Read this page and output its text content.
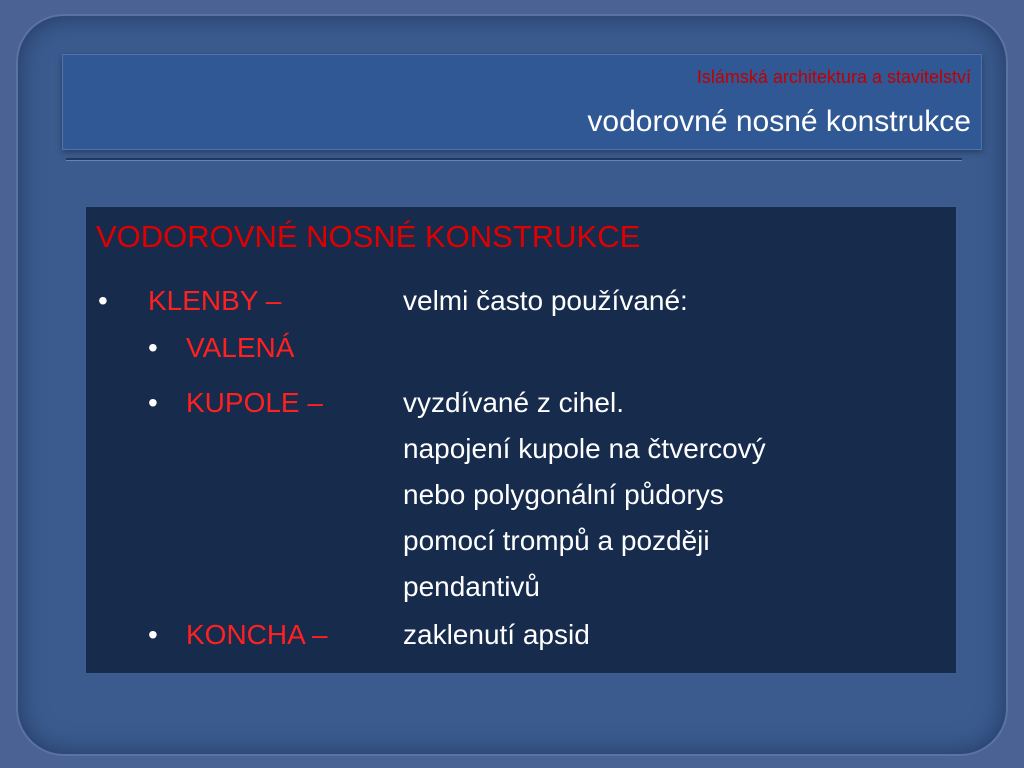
Islámská architektura a stavitelství
vodorovné nosné konstrukce
VODOROVNÉ NOSNÉ KONSTRUKCE
• KLENBY –	velmi často používané:
• VALENÁ
• KUPOLE –	vyzdívané z cihel.
napojení kupole na čtvercový
nebo polygonální půdorys
pomocí trompů a později
pendantivů
• KONCHA –	zaklenutí apsid
